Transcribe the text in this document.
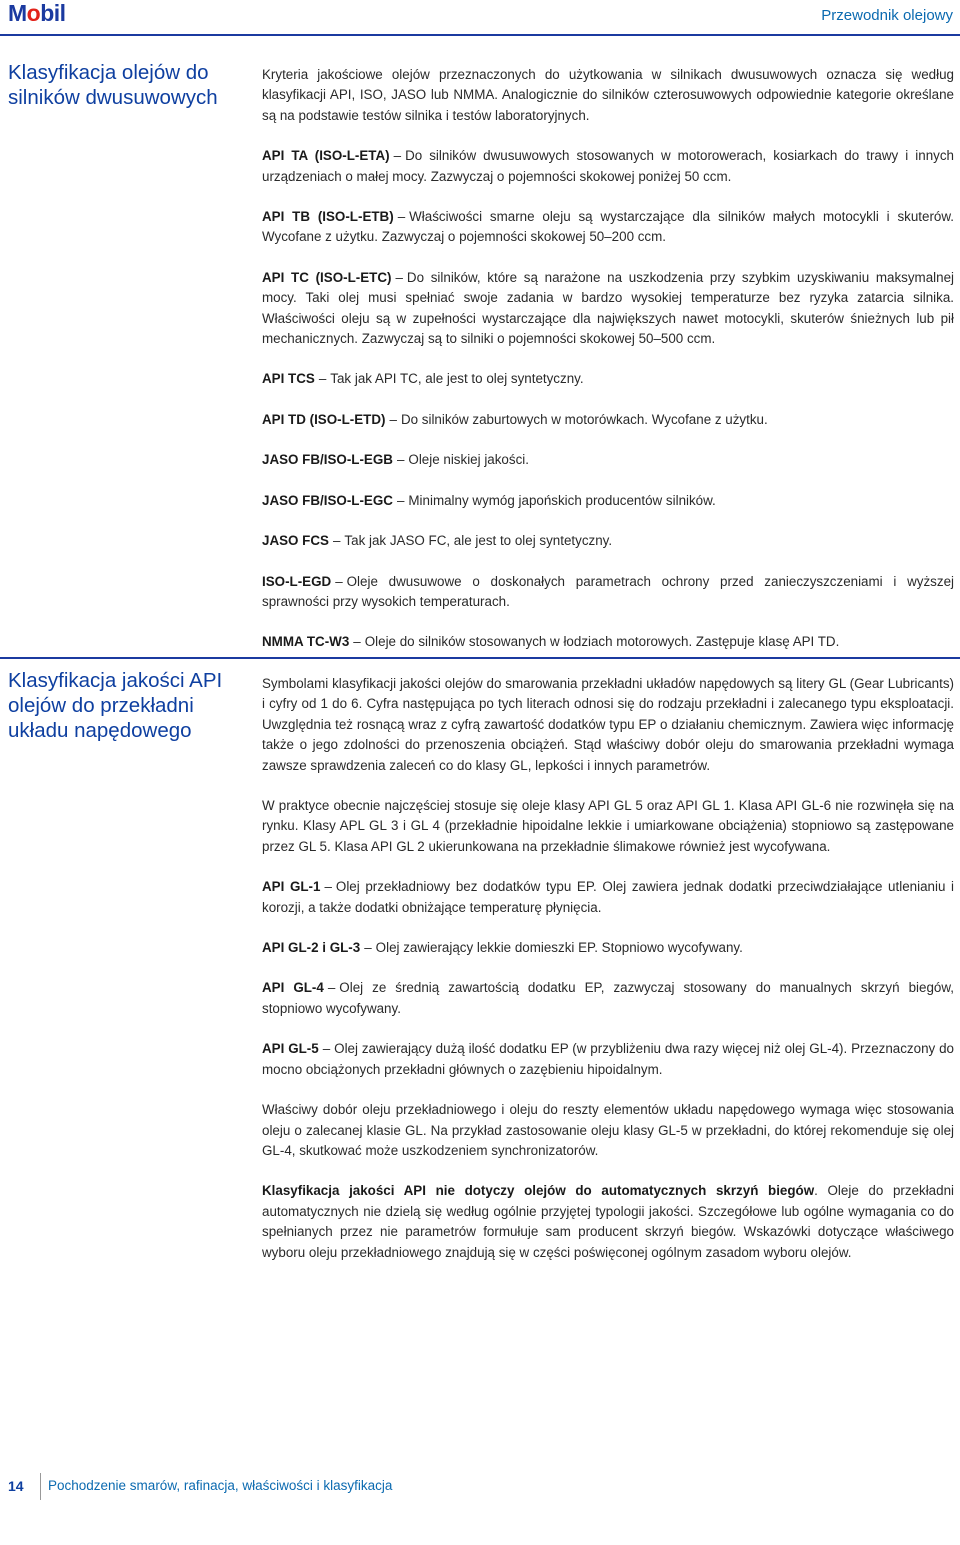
Mobil	Przewodnik olejowy
Klasyfikacja olejów do silników dwusuwowych

Kryteria jakościowe olejów przeznaczonych do użytkowania w silnikach dwusuwowych oznacza się według klasyfikacji API, ISO, JASO lub NMMA. Analogicznie do silników czterosuwowych odpowiednie kategorie określane są na podstawie testów silnika i testów laboratoryjnych.

API TA (ISO-L-ETA) – Do silników dwusuwowych stosowanych w motorowerach, kosiarkach do trawy i innych urządzeniach o małej mocy. Zazwyczaj o pojemności skokowej poniżej 50 ccm.

API TB (ISO-L-ETB) – Właściwości smarne oleju są wystarczające dla silników małych motocykli i skuterów. Wycofane z użytku. Zazwyczaj o pojemności skokowej 50–200 ccm.

API TC (ISO-L-ETC) – Do silników, które są narażone na uszkodzenia przy szybkim uzyskiwaniu maksymalnej mocy. Taki olej musi spełniać swoje zadania w bardzo wysokiej temperaturze bez ryzyka zatarcia silnika. Właściwości oleju są w zupełności wystarczające dla największych nawet motocykli, skuterów śnieżnych lub pił mechanicznych. Zazwyczaj są to silniki o pojemności skokowej 50–500 ccm.

API TCS – Tak jak API TC, ale jest to olej syntetyczny.

API TD (ISO-L-ETD) – Do silników zaburtowych w motorówkach. Wycofane z użytku.

JASO FB/ISO-L-EGB – Oleje niskiej jakości.

JASO FB/ISO-L-EGC – Minimalny wymóg japońskich producentów silników.

JASO FCS – Tak jak JASO FC, ale jest to olej syntetyczny.

ISO-L-EGD – Oleje dwusuwowe o doskonałych parametrach ochrony przed zanieczyszczeniami i wyższej sprawności przy wysokich temperaturach.

NMMA TC-W3 – Oleje do silników stosowanych w łodziach motorowych. Zastępuje klasę API TD.

Klasyfikacja jakości API olejów do przekładni układu napędowego

Symbolami klasyfikacji jakości olejów do smarowania przekładni układów napędowych są litery GL (Gear Lubricants) i cyfry od 1 do 6. Cyfra następująca po tych literach odnosi się do rodzaju przekładni i zalecanego typu eksploatacji. Uwzględnia też rosnącą wraz z cyfrą zawartość dodatków typu EP o działaniu chemicznym. Zawiera więc informację także o jego zdolności do przenoszenia obciążeń. Stąd właściwy dobór oleju do smarowania przekładni wymaga zawsze sprawdzenia zaleceń co do klasy GL, lepkości i innych parametrów.

W praktyce obecnie najczęściej stosuje się oleje klasy API GL 5 oraz API GL 1. Klasa API GL-6 nie rozwinęła się na rynku. Klasy APL GL 3 i GL 4 (przekładnie hipoidalne lekkie i umiarkowane obciążenia) stopniowo są zastępowane przez GL 5. Klasa API GL 2 ukierunkowana na przekładnie ślimakowe również jest wycofywana.

API GL-1 – Olej przekładniowy bez dodatków typu EP. Olej zawiera jednak dodatki przeciwdziałające utlenianiu i korozji, a także dodatki obniżające temperaturę płynięcia.

API GL-2 i GL-3 – Olej zawierający lekkie domieszki EP. Stopniowo wycofywany.

API GL-4 – Olej ze średnią zawartością dodatku EP, zazwyczaj stosowany do manualnych skrzyń biegów, stopniowo wycofywany.

API GL-5 – Olej zawierający dużą ilość dodatku EP (w przybliżeniu dwa razy więcej niż olej GL-4). Przeznaczony do mocno obciążonych przekładni głównych o zazębieniu hipoidalnym.

Właściwy dobór oleju przekładniowego i oleju do reszty elementów układu napędowego wymaga więc stosowania oleju o zalecanej klasie GL. Na przykład zastosowanie oleju klasy GL-5 w przekładni, do której rekomenduje się olej GL-4, skutkować może uszkodzeniem synchronizatorów.

Klasyfikacja jakości API nie dotyczy olejów do automatycznych skrzyń biegów. Oleje do przekładni automatycznych nie dzielą się według ogólnie przyjętej typologii jakości. Szczegółowe lub ogólne wymagania co do spełnianych przez nie parametrów formułuje sam producent skrzyń biegów. Wskazówki dotyczące właściwego wyboru oleju przekładniowego znajdują się w części poświęconej ogólnym zasadom wyboru olejów.

14 Pochodzenie smarów, rafinacja, właściwości i klasyfikacja
